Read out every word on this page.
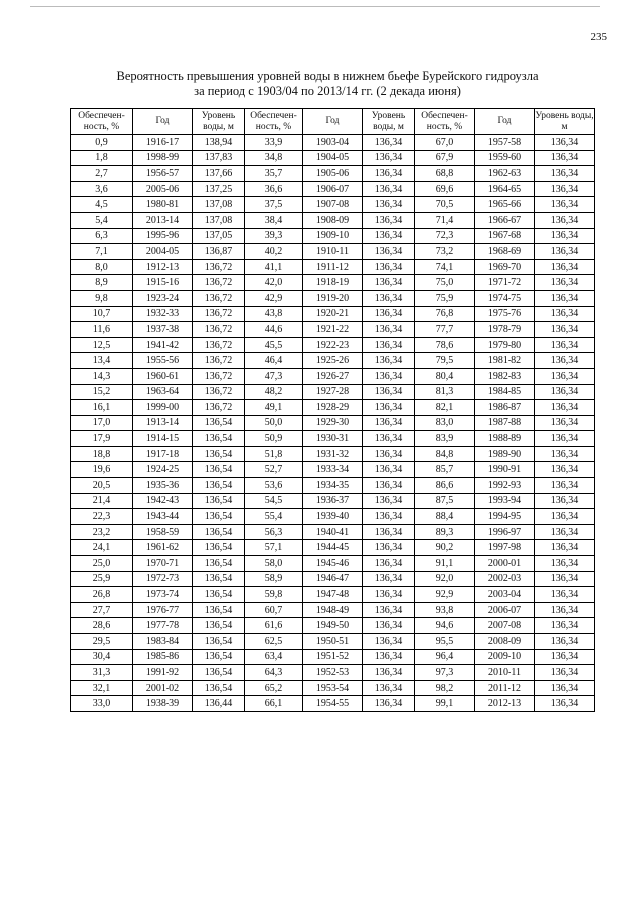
235
Вероятность превышения уровней воды в нижнем бьефе Бурейского гидроузла
за период с 1903/04 по 2013/14 гг. (2 декада июня)
Обеспечен-ность, %	Год	Уровень воды, м	Обеспечен-ность, %	Год	Уровень воды, м	Обеспечен-ность, %	Год	Уровень воды, м
0,9	1916-17	138,94	33,9	1903-04	136,34	67,0	1957-58	136,34
1,8	1998-99	137,83	34,8	1904-05	136,34	67,9	1959-60	136,34
2,7	1956-57	137,66	35,7	1905-06	136,34	68,8	1962-63	136,34
3,6	2005-06	137,25	36,6	1906-07	136,34	69,6	1964-65	136,34
4,5	1980-81	137,08	37,5	1907-08	136,34	70,5	1965-66	136,34
5,4	2013-14	137,08	38,4	1908-09	136,34	71,4	1966-67	136,34
6,3	1995-96	137,05	39,3	1909-10	136,34	72,3	1967-68	136,34
7,1	2004-05	136,87	40,2	1910-11	136,34	73,2	1968-69	136,34
8,0	1912-13	136,72	41,1	1911-12	136,34	74,1	1969-70	136,34
8,9	1915-16	136,72	42,0	1918-19	136,34	75,0	1971-72	136,34
9,8	1923-24	136,72	42,9	1919-20	136,34	75,9	1974-75	136,34
10,7	1932-33	136,72	43,8	1920-21	136,34	76,8	1975-76	136,34
11,6	1937-38	136,72	44,6	1921-22	136,34	77,7	1978-79	136,34
12,5	1941-42	136,72	45,5	1922-23	136,34	78,6	1979-80	136,34
13,4	1955-56	136,72	46,4	1925-26	136,34	79,5	1981-82	136,34
14,3	1960-61	136,72	47,3	1926-27	136,34	80,4	1982-83	136,34
15,2	1963-64	136,72	48,2	1927-28	136,34	81,3	1984-85	136,34
16,1	1999-00	136,72	49,1	1928-29	136,34	82,1	1986-87	136,34
17,0	1913-14	136,54	50,0	1929-30	136,34	83,0	1987-88	136,34
17,9	1914-15	136,54	50,9	1930-31	136,34	83,9	1988-89	136,34
18,8	1917-18	136,54	51,8	1931-32	136,34	84,8	1989-90	136,34
19,6	1924-25	136,54	52,7	1933-34	136,34	85,7	1990-91	136,34
20,5	1935-36	136,54	53,6	1934-35	136,34	86,6	1992-93	136,34
21,4	1942-43	136,54	54,5	1936-37	136,34	87,5	1993-94	136,34
22,3	1943-44	136,54	55,4	1939-40	136,34	88,4	1994-95	136,34
23,2	1958-59	136,54	56,3	1940-41	136,34	89,3	1996-97	136,34
24,1	1961-62	136,54	57,1	1944-45	136,34	90,2	1997-98	136,34
25,0	1970-71	136,54	58,0	1945-46	136,34	91,1	2000-01	136,34
25,9	1972-73	136,54	58,9	1946-47	136,34	92,0	2002-03	136,34
26,8	1973-74	136,54	59,8	1947-48	136,34	92,9	2003-04	136,34
27,7	1976-77	136,54	60,7	1948-49	136,34	93,8	2006-07	136,34
28,6	1977-78	136,54	61,6	1949-50	136,34	94,6	2007-08	136,34
29,5	1983-84	136,54	62,5	1950-51	136,34	95,5	2008-09	136,34
30,4	1985-86	136,54	63,4	1951-52	136,34	96,4	2009-10	136,34
31,3	1991-92	136,54	64,3	1952-53	136,34	97,3	2010-11	136,34
32,1	2001-02	136,54	65,2	1953-54	136,34	98,2	2011-12	136,34
33,0	1938-39	136,44	66,1	1954-55	136,34	99,1	2012-13	136,34
